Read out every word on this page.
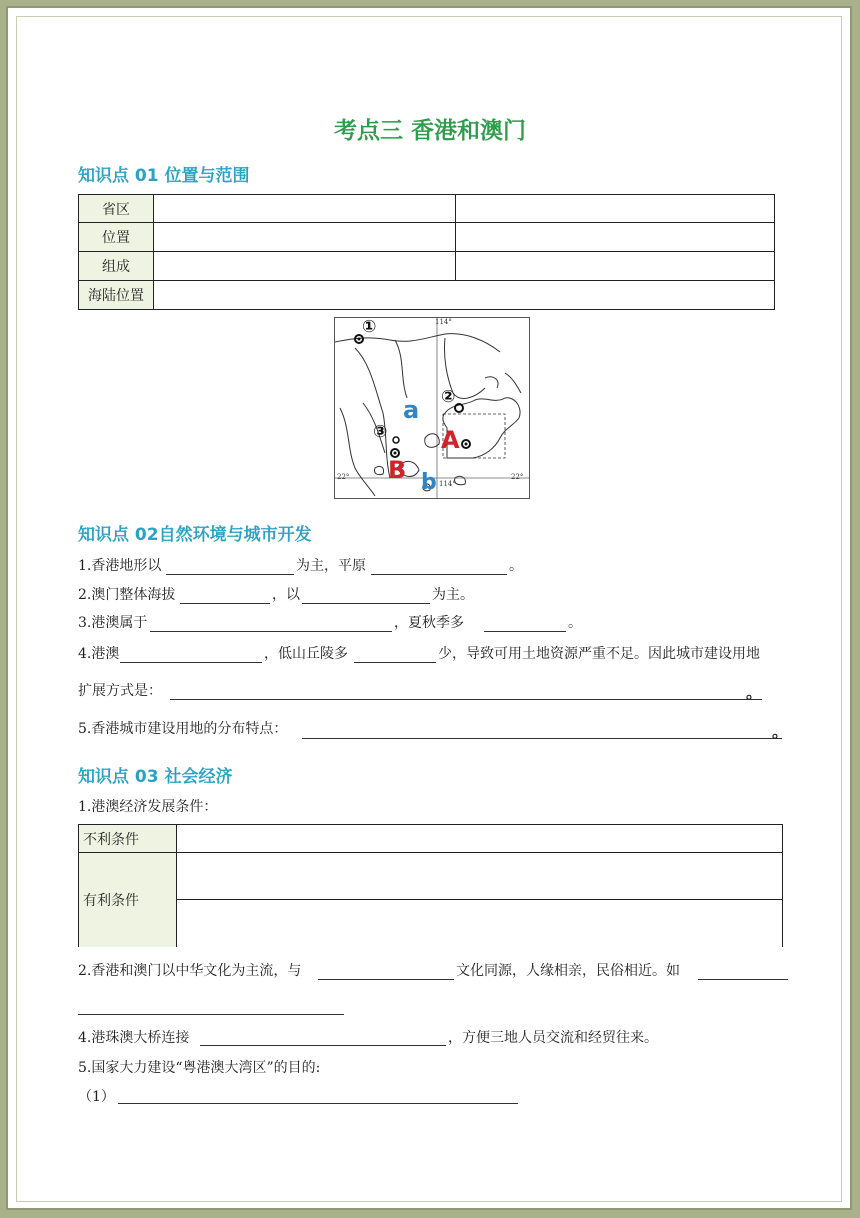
考点三 香港和澳门
知识点 01 位置与范围
省区		
位置		
组成		
海陆位置		
114°
114°
22°	22°
①
②
③
a
b
A
B
知识点 02自然环境与城市开发
1.香港地形以	为主，平原	。
2.澳门整体海拔	，以	为主。
3.港澳属于	，夏秋季多	。
4.港澳	，低山丘陵多	少，导致可用土地资源严重不足。因此城市建设用地
扩展方式是：	。
5.香港城市建设用地的分布特点：	。
知识点 03 社会经济
1.港澳经济发展条件：
不利条件	
有利条件	

2.香港和澳门以中华文化为主流，与	文化同源，人缘相亲，民俗相近。如
4.港珠澳大桥连接	，方便三地人员交流和经贸往来。
5.国家大力建设“粤港澳大湾区”的目的:
（1）
